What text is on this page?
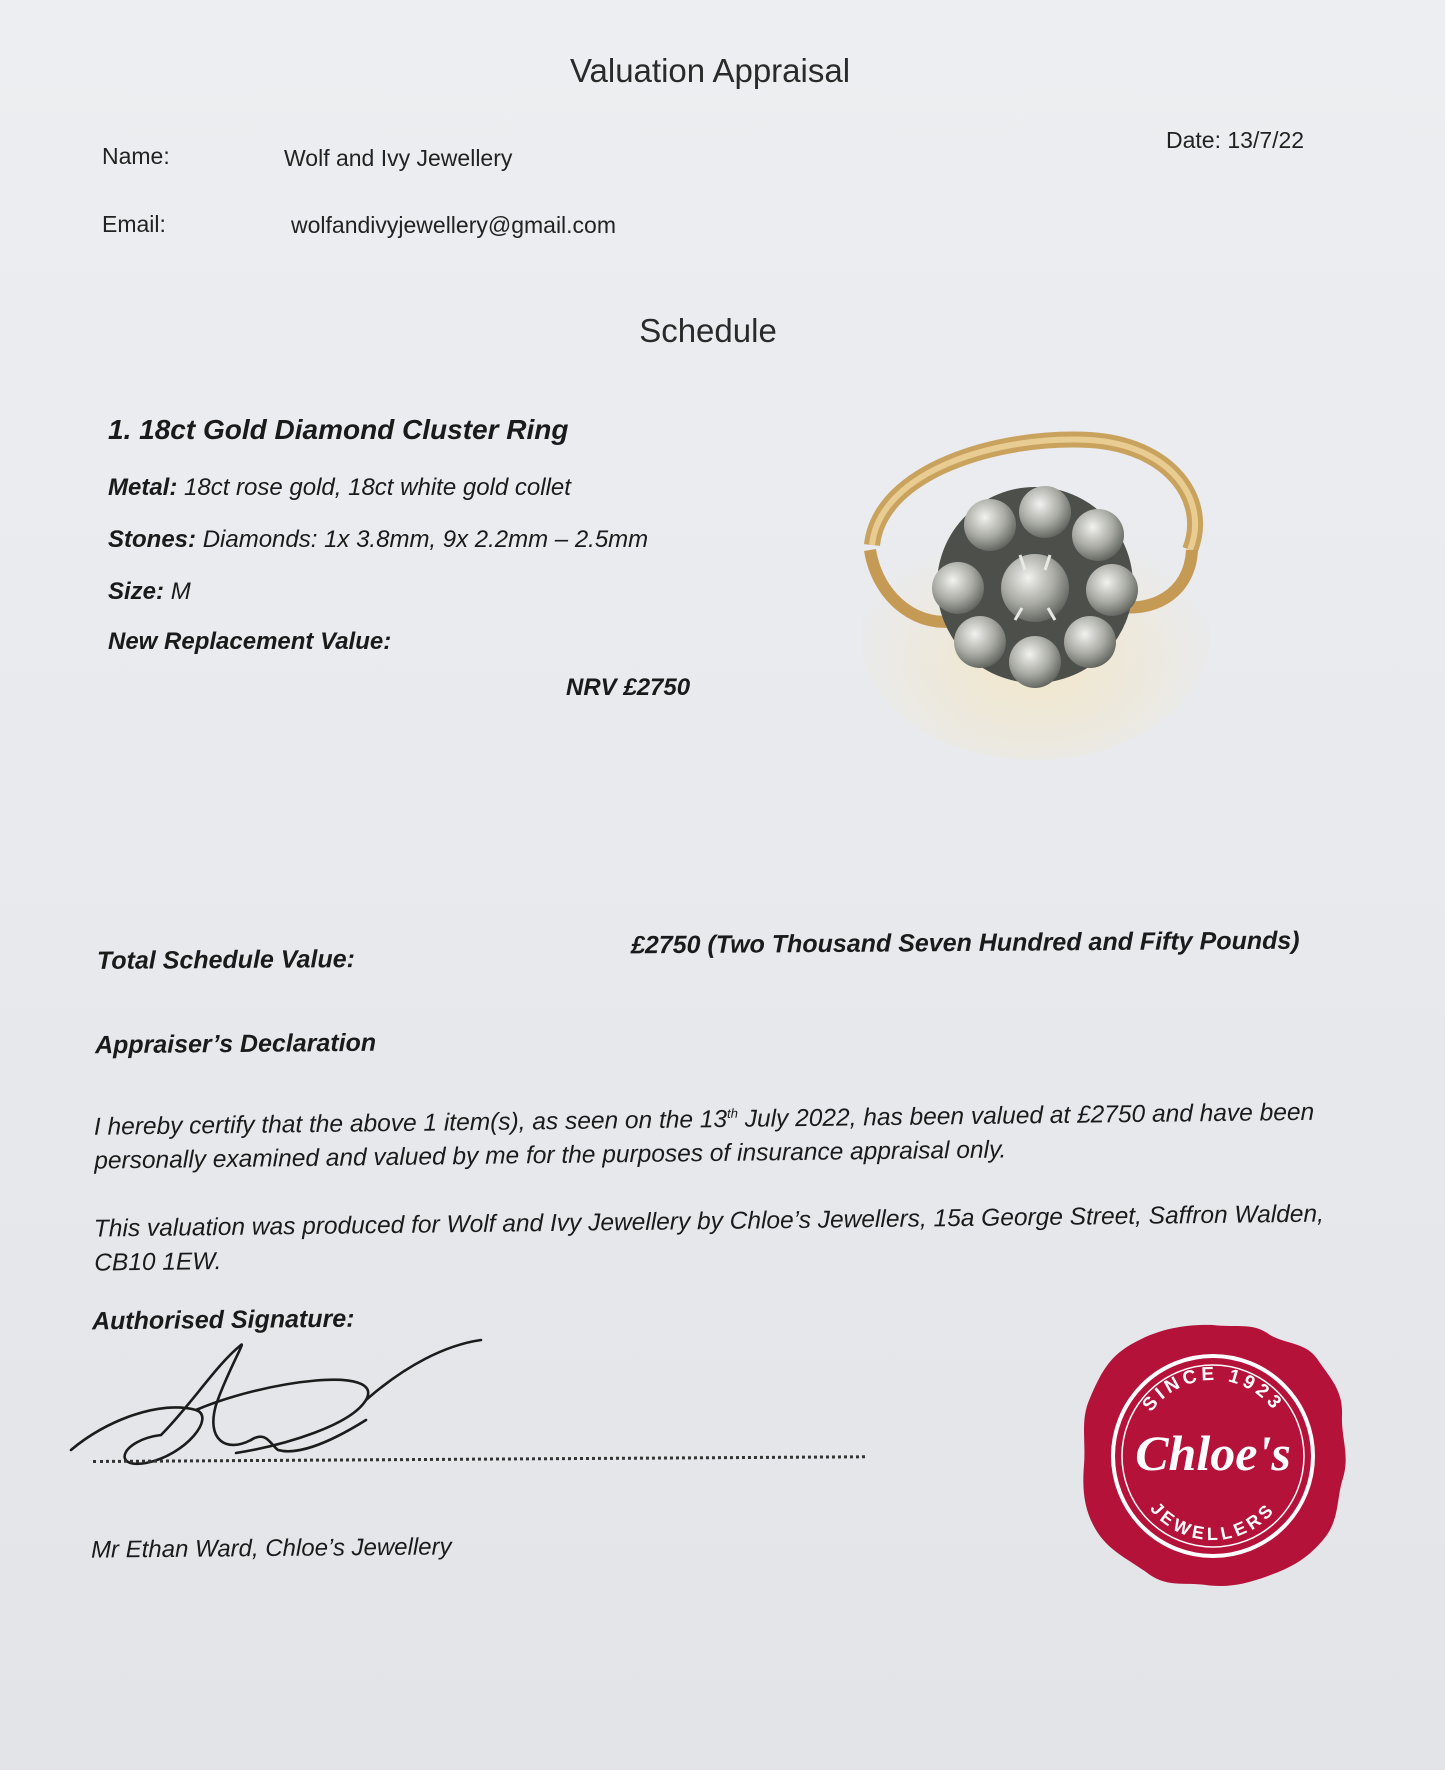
Valuation Appraisal
Name:	Wolf and Ivy Jewellery
Date: 13/7/22
Email:	wolfandivyjewellery@gmail.com
Schedule
1. 18ct Gold Diamond Cluster Ring
Metal: 18ct rose gold, 18ct white gold collet
Stones: Diamonds: 1x 3.8mm, 9x 2.2mm – 2.5mm
Size: M
New Replacement Value:
NRV £2750
Total Schedule Value:
£2750 (Two Thousand Seven Hundred and Fifty Pounds)
Appraiser’s Declaration
I hereby certify that the above 1 item(s), as seen on the 13th July 2022, has been valued at £2750 and have been personally examined and valued by me for the purposes of insurance appraisal only.
This valuation was produced for Wolf and Ivy Jewellery by Chloe’s Jewellers, 15a George Street, Saffron Walden, CB10 1EW.
Authorised Signature:
Mr Ethan Ward, Chloe’s Jewellery
SINCE 1923
Chloe's
JEWELLERS
